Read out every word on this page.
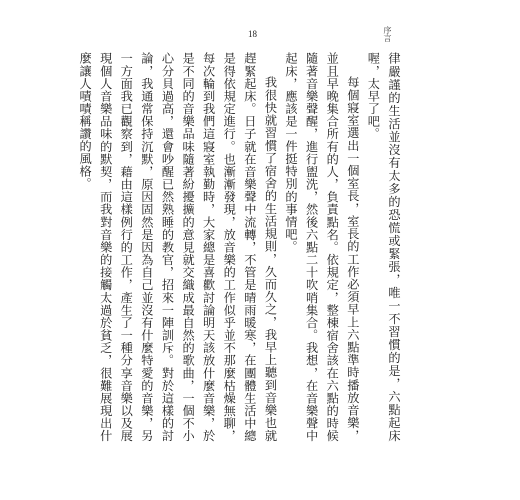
18	序言

律嚴謹的生活並沒有太多的恐慌或緊張，唯一不習慣的是，六點起床喔，太早了吧。

每個寢室選出一個室長，室長的工作必須早上六點準時播放音樂，並且早晚集合所有的人，負責點名。依規定，整棟宿舍該在六點的時候隨著音樂聲醒，進行盥洗，然後六點二十吹哨集合。我想，在音樂聲中起床，應該是一件挺特別的事情吧。

我很快就習慣了宿舍的生活規則，久而久之，我早上聽到音樂也就趕緊起床。日子就在音樂聲中流轉，不管是晴雨暖寒，在團體生活中總是得依規定進行。也漸漸發現，放音樂的工作似乎並不那麼枯燥無聊，每次輪到我們這寢室執勤時，大家總是喜歡討論明天該放什麼音樂，於是不同的音樂品味隨著紛擾擴的意見就交織成最自然的歌曲，一個不小心分貝過高，還會吵醒已然熟睡的教官，招來一陣訓斥。對於這樣的討論，我通常保持沉默，原因固然是因為自己並沒有什麼特愛的音樂，另一方面我已觀察到，藉由這樣例行的工作，產生了一種分享音樂以及展現個人音樂品味的默契，而我對音樂的接觸太過於貧乏，很難展現出什麼讓人嘖嘖稱讚的風格。
